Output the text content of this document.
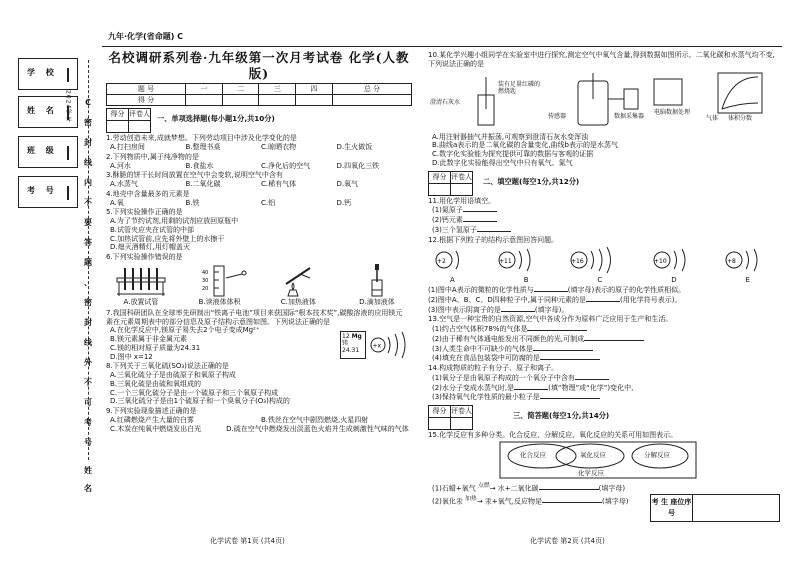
九年·化学(省命题) C
学 校
姓 名
班 级
考 号
2024学年	C
密
封
线
内
不
要
答
题
、
密
封
线
外
不
可
考
号
姓
名
名校调研系列卷·九年级第一次月考试卷 化学(人教版)
题 号	一	二	三	四	总 分
得 分					
得分	评卷人
	一、单项选择题(每小题1分,共10分)
1.劳动创造未来,成就梦想。下列劳动项目中涉及化学变化的是
A.打扫房间	B.整理书桌	C.晾晒衣物	D.生火做饭
2.下列物质中,属于纯净物的是
A.河水	B.食盐水	C.净化后的空气	D.四氧化三铁
3.酥脆的饼干长时间放置在空气中会变软,说明空气中含有
A.水蒸气	B.二氧化碳	C.稀有气体	D.氧气
4.地壳中含量最多的元素是
A.氧	B.铁	C.铝	D.钙
5.下列实验操作正确的是
A.为了节约试剂,用剩的试剂应放回原瓶中
B.试管夹应夹在试管的中部
C.加热试管前,应先将外壁上的水擦干
D.熄灭酒精灯,用灯帽盖灭
6.下列实验操作错误的是
A.放置试管
40
30
20
B.读液体体积	C.加热液体	D.滴加液体
7.我国科研团队在全球率先研制出“铁离子电池”项目来获国际“根本技术奖”,碳酸溶液的应用镁元素在元素周期表中的部分信息及原子结构示意图如图。下列说法正确的是
A.在化学反应中,镁原子易失去2个电子变成Mg²⁺
B.镁元素属于非金属元素
C.镁的相对原子质量为24.31
D.图中 x=12
12 Mg
镁
24.31
+x
8.下列关于三氧化硫(SO₃)说法正确的是
A.三氧化硫分子是由硫原子和氧原子构成
B.三氧化硫是由硫和氧组成的
C.一个三氧化硫分子是由一个硫原子和三个氧原子构成
D.三氧化硫分子是由1个硫原子和一个臭氧分子(O₃)构成的
9.下列实验现象描述正确的是
A.红磷燃烧产生大量的白雾	B.铁丝在空气中剧烈燃烧,火星四射
C.木炭在纯氧中燃烧发出白光	D.硫在空气中燃烧发出淡蓝色火焰并生成刺激性气味的气体
化学试卷 第1页 (共4页)
10.某化学兴趣小组同学在实验室中进行探究,测定空气中氧气含量,得到数据如图所示。二氧化碳和水蒸气均不变,下列说法正确的是
澄清石灰水
装有足量红磷的燃烧匙
传感器	数据采集器
电脑数据处理
气体 体积分数
A.用注射器抽气并振荡,可观察到澄清石灰水变浑浊
B.曲线a表示的是二氧化碳的含量变化,曲线b表示的是水蒸气
C.数字化实验能为探究提供可靠的数据与客观的证据
D.此数字化实验能得出空气中只有氧气、氮气
得分	评卷人
	二、填空题(每空1分,共12分)
11.用化学用语填空。
(1)氮原子
(2)钙元素
(3)三个氢原子
12.根据下列粒子的结构示意图回答问题。
+2	+11	+16	+10	+8
A	B	C	D	E
(1)图中A表示的微粒的化学性质与	(填字母)表示的原子的化学性质相似。
(2)图中A、B、C、D四种粒子中,属于同种元素的是	(用化学符号表示)。
(3)图中表示阴离子的是	(填字母)。
13.空气是一种宝贵的自然资源,空气中各成分作为原料广泛应用于生产和生活。
(1)约占空气体积78%的气体是
(2)由于稀有气体通电能发出不同颜色的光,可制成
(3)人类生命中不可缺少的气体是
(4)填充在食品包装袋中可防腐的是
14.构成物质的粒子有分子、原子和离子。
(1)氧分子是由氧原子构成的一个氧分子中含有
(2)水分子变成水蒸气时,是	(填“物理”或“化学”)变化中,
(3)保持氧气化学性质的最小粒子是
得分	评卷人
		三、简答题(每空1分,共14分)
15.化学反应有多种分类。化合反应、分解反应、氧化反应的关系可用如图表示。
化合反应	氧化反应	分解反应
化学反应
(1)石蜡+氧气 $^{点燃}$→ 水+二氧化碳	(填字母)
(2)氧化汞 $^{加热}$→ 汞+氧气,反应物是	(填字母)
化学试卷 第2页 (共4页)
考 生 座位序号
